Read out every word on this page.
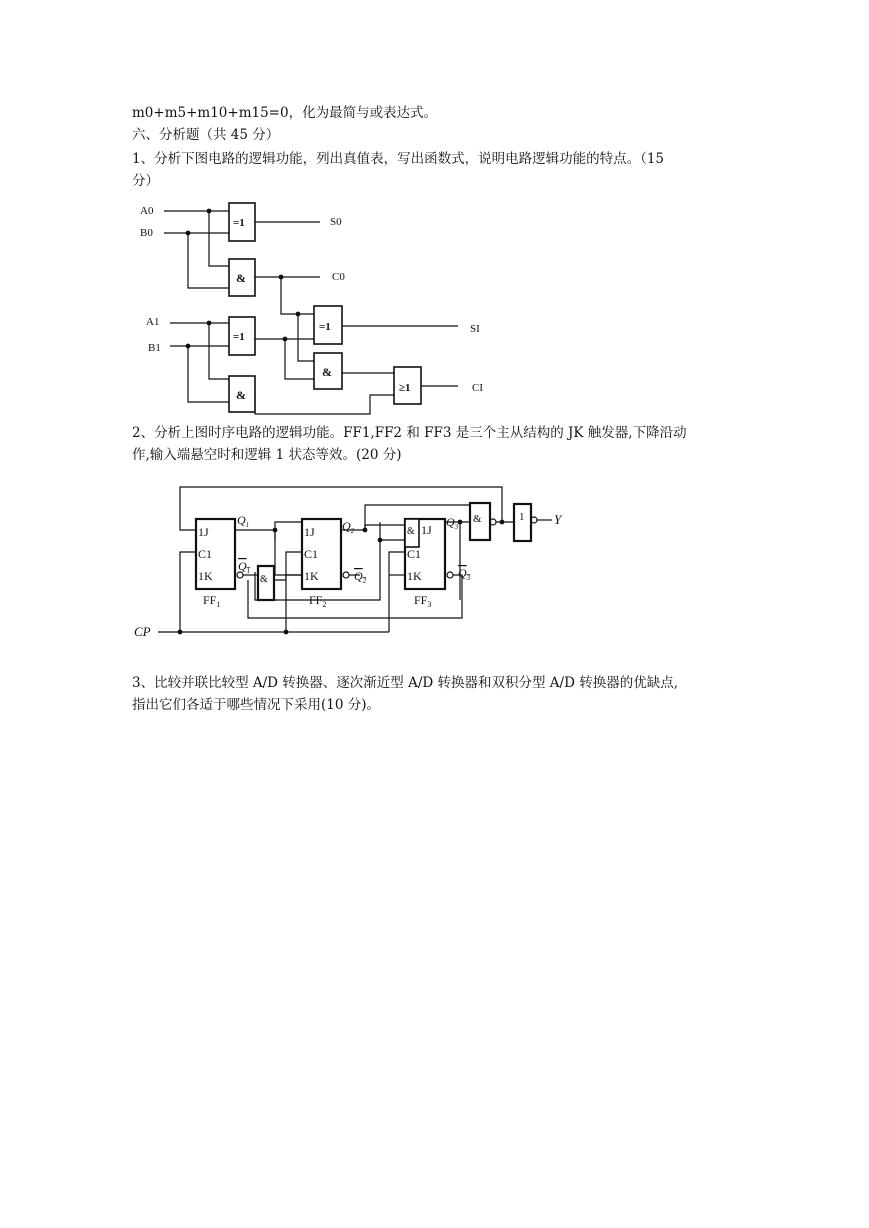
m0+m5+m10+m15=0，化为最简与或表达式。
六、分析题（共 45 分）
1、分析下图电路的逻辑功能，列出真值表，写出函数式，说明电路逻辑功能的特点。（15
分）
A0
B0
A1
B1
S0
C0
SI
CI
=1
&
=1
&
=1
&
≥1
2、分析上图时序电路的逻辑功能。FF1,FF2 和 FF3 是三个主从结构的 JK 触发器,下降沿动
作,输入端悬空时和逻辑 1 状态等效。(20 分)
CP
Y
1J
C1
1K
$FF_1$
$Q_1$
$Q_1$
&
1J
C1
1K
$FF_2$
$Q_2$
$Q_2$
& 1J
C1
1K
$FF_3$
$Q_3$
$Q_3$
&	1
3、比较并联比较型 A/D 转换器、逐次渐近型 A/D 转换器和双积分型 A/D 转换器的优缺点,
指出它们各适于哪些情况下采用(10 分)。
